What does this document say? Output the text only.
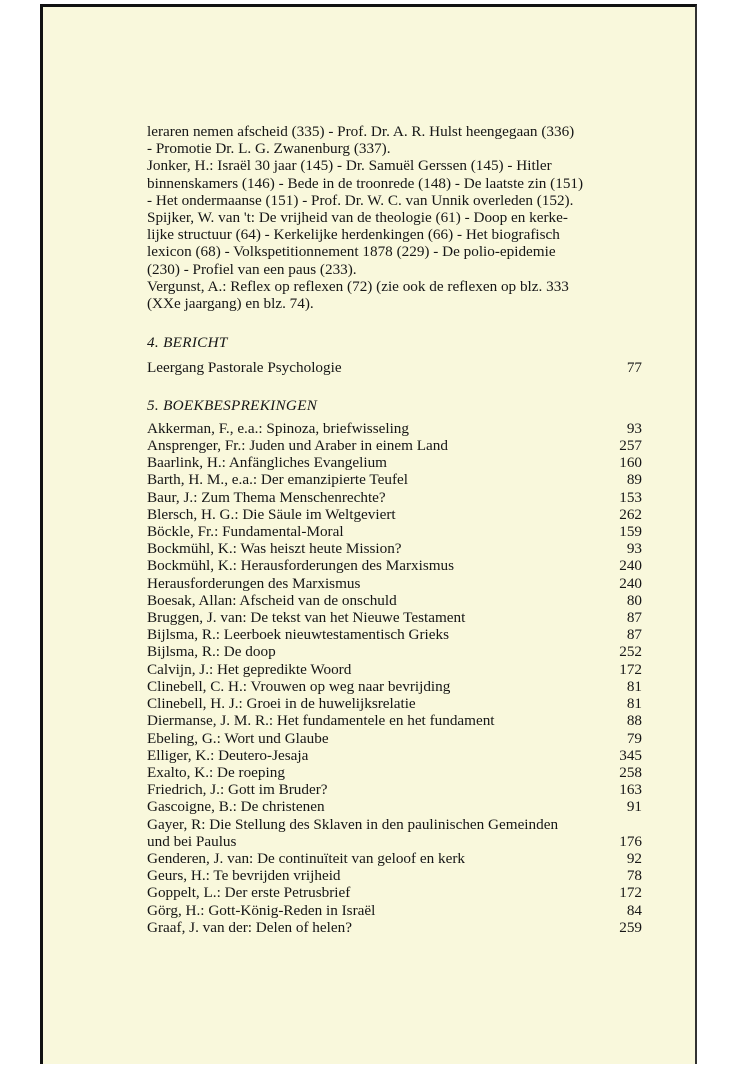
leraren nemen afscheid (335) - Prof. Dr. A. R. Hulst heengegaan (336)

- Promotie Dr. L. G. Zwanenburg (337).

Jonker, H.: Israël 30 jaar (145) - Dr. Samuël Gerssen (145) - Hitler

binnenskamers (146) - Bede in de troonrede (148) - De laatste zin (151)

- Het ondermaanse (151) - Prof. Dr. W. C. van Unnik overleden (152).

Spijker, W. van 't: De vrijheid van de theologie (61) - Doop en kerke-

lijke structuur (64) - Kerkelijke herdenkingen (66) - Het biografisch

lexicon (68) - Volkspetitionnement 1878 (229) - De polio-epidemie

(230) - Profiel van een paus (233).

Vergunst, A.: Reflex op reflexen (72) (zie ook de reflexen op blz. 333

(XXe jaargang) en blz. 74).

4. BERICHT
Leergang Pastorale Psychologie	77
5. BOEKBESPREKINGEN
Akkerman, F., e.a.: Spinoza, briefwisseling	93
Ansprenger, Fr.: Juden und Araber in einem Land	257
Baarlink, H.: Anfängliches Evangelium	160
Barth, H. M., e.a.: Der emanzipierte Teufel	89
Baur, J.: Zum Thema Menschenrechte?	153
Blersch, H. G.: Die Säule im Weltgeviert	262
Böckle, Fr.: Fundamental-Moral	159
Bockmühl, K.: Was heiszt heute Mission?	93
Bockmühl, K.: Herausforderungen des Marxismus	240
Herausforderungen des Marxismus	240
Boesak, Allan: Afscheid van de onschuld	80
Bruggen, J. van: De tekst van het Nieuwe Testament	87
Bijlsma, R.: Leerboek nieuwtestamentisch Grieks	87
Bijlsma, R.: De doop	252
Calvijn, J.: Het gepredikte Woord	172
Clinebell, C. H.: Vrouwen op weg naar bevrijding	81
Clinebell, H. J.: Groei in de huwelijksrelatie	81
Diermanse, J. M. R.: Het fundamentele en het fundament	88
Ebeling, G.: Wort und Glaube	79
Elliger, K.: Deutero-Jesaja	345
Exalto, K.: De roeping	258
Friedrich, J.: Gott im Bruder?	163
Gascoigne, B.: De christenen	91
Gayer, R: Die Stellung des Sklaven in den paulinischen Gemeinden
und bei Paulus	176
Genderen, J. van: De continuïteit van geloof en kerk	92
Geurs, H.: Te bevrijden vrijheid	78
Goppelt, L.: Der erste Petrusbrief	172
Görg, H.: Gott-König-Reden in Israël	84
Graaf, J. van der: Delen of helen?	259
